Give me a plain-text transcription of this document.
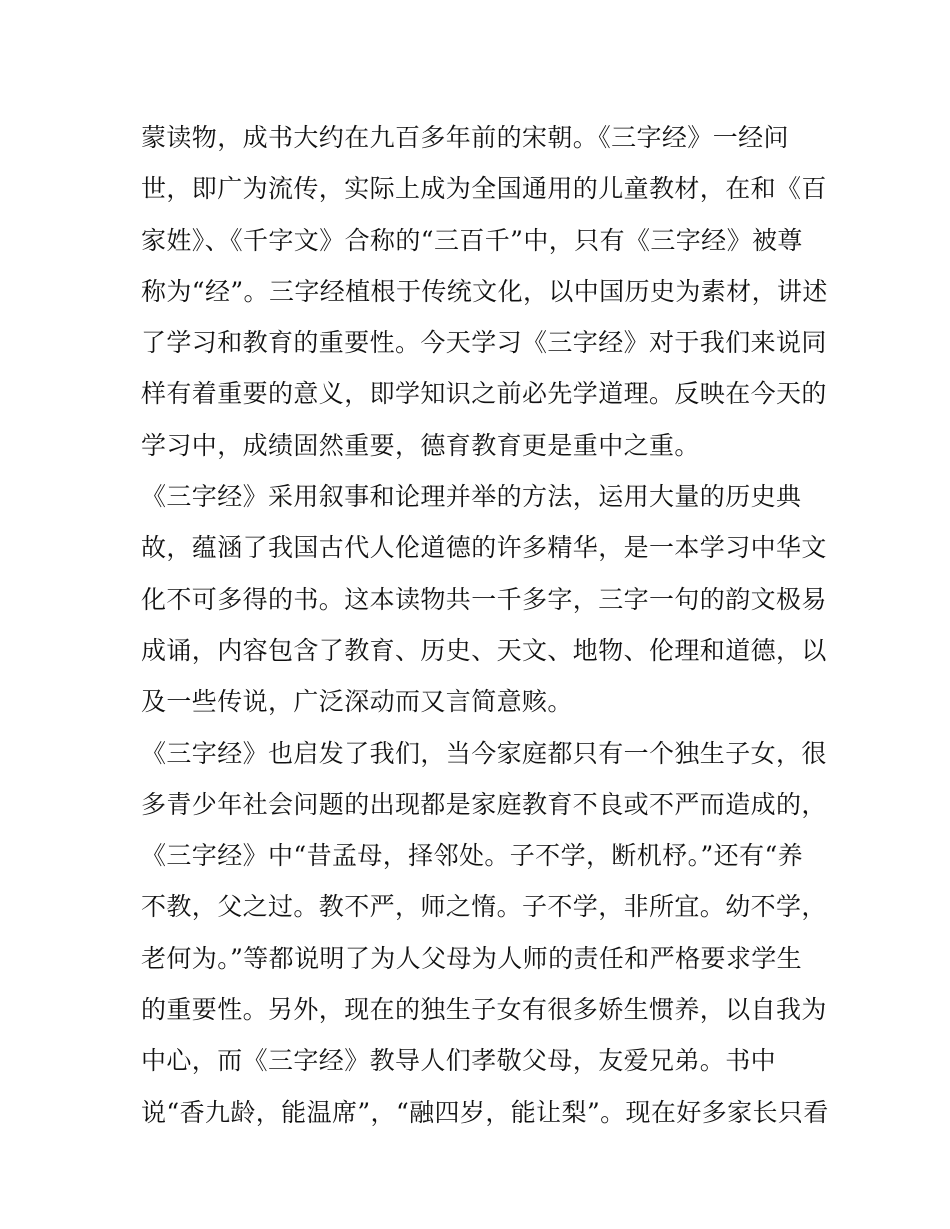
蒙读物，成书大约在九百多年前的宋朝。《三字经》一经问
世，即广为流传，实际上成为全国通用的儿童教材，在和《百
家姓》、《千字文》合称的“三百千”中，只有《三字经》被尊
称为“经”。三字经植根于传统文化，以中国历史为素材，讲述
了学习和教育的重要性。今天学习《三字经》对于我们来说同
样有着重要的意义，即学知识之前必先学道理。反映在今天的
学习中，成绩固然重要，德育教育更是重中之重。
《三字经》采用叙事和论理并举的方法，运用大量的历史典
故，蕴涵了我国古代人伦道德的许多精华，是一本学习中华文
化不可多得的书。这本读物共一千多字，三字一句的韵文极易
成诵，内容包含了教育、历史、天文、地物、伦理和道德，以
及一些传说，广泛深动而又言简意赅。
《三字经》也启发了我们，当今家庭都只有一个独生子女，很
多青少年社会问题的出现都是家庭教育不良或不严而造成的，
《三字经》中“昔孟母，择邻处。子不学，断机杼。”还有“养
不教，父之过。教不严，师之惰。子不学，非所宜。幼不学，
老何为。”等都说明了为人父母为人师的责任和严格要求学生
的重要性。另外，现在的独生子女有很多娇生惯养，以自我为
中心，而《三字经》教导人们孝敬父母，友爱兄弟。书中
说“香九龄，能温席”，“融四岁，能让梨”。现在好多家长只看
